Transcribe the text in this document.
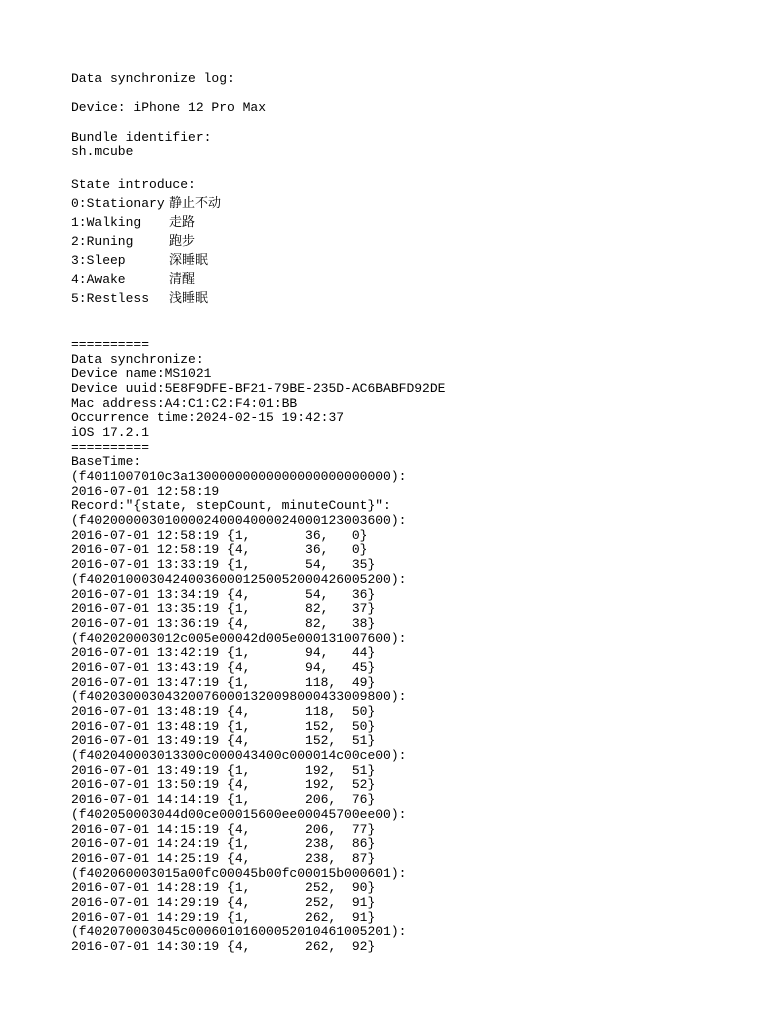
Data synchronize log:
Device: iPhone 12 Pro Max
Bundle identifier:
sh.mcube
State introduce:
0:Stationary 静止不动
1:Walking 走路
2:Runing	跑步
3:Sleep	深睡眠
4:Awake	清醒
5:Restless 浅睡眠
==========
Data synchronize:
Device name:MS1021
Device uuid:5E8F9DFE-BF21-79BE-235D-AC6BABFD92DE
Mac address:A4:C1:C2:F4:01:BB
Occurrence time:2024-02-15 19:42:37
iOS 17.2.1
==========
BaseTime:
(f4011007010c3a13000000000000000000000000):
2016-07-01 12:58:19
Record:"{state, stepCount, minuteCount}":
(f402000003010000240004000024000123003600):
2016-07-01 12:58:19 {1,       36,   0}
2016-07-01 12:58:19 {4,       36,   0}
2016-07-01 13:33:19 {1,       54,   35}
(f402010003042400360001250052000426005200):
2016-07-01 13:34:19 {4,       54,   36}
2016-07-01 13:35:19 {1,       82,   37}
2016-07-01 13:36:19 {4,       82,   38}
(f402020003012c005e00042d005e000131007600):
2016-07-01 13:42:19 {1,       94,   44}
2016-07-01 13:43:19 {4,       94,   45}
2016-07-01 13:47:19 {1,       118,  49}
(f402030003043200760001320098000433009800):
2016-07-01 13:48:19 {4,       118,  50}
2016-07-01 13:48:19 {1,       152,  50}
2016-07-01 13:49:19 {4,       152,  51}
(f402040003013300c000043400c000014c00ce00):
2016-07-01 13:49:19 {1,       192,  51}
2016-07-01 13:50:19 {4,       192,  52}
2016-07-01 14:14:19 {1,       206,  76}
(f402050003044d00ce00015600ee00045700ee00):
2016-07-01 14:15:19 {4,       206,  77}
2016-07-01 14:24:19 {1,       238,  86}
2016-07-01 14:25:19 {4,       238,  87}
(f402060003015a00fc00045b00fc00015b000601):
2016-07-01 14:28:19 {1,       252,  90}
2016-07-01 14:29:19 {4,       252,  91}
2016-07-01 14:29:19 {1,       262,  91}
(f402070003045c00060101600052010461005201):
2016-07-01 14:30:19 {4,       262,  92}
